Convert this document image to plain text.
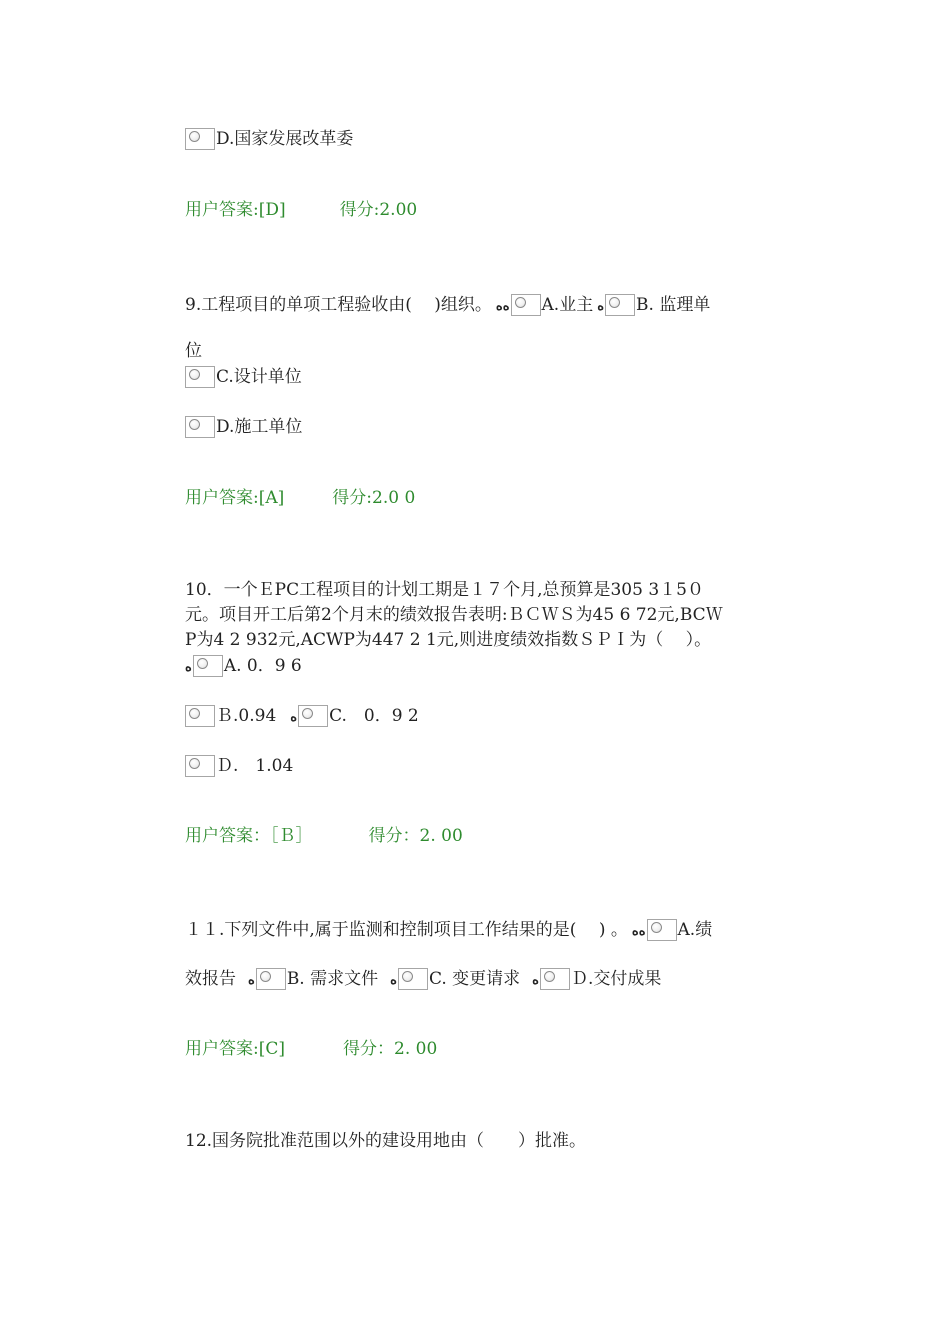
D.国家发展改革委
用户答案:[D]	得分:2.00
9.工程项目的单项工程验收由(　 )组织。 ﻩﻩ A.业主 ﻩ B. 监理单
位
C.设计单位
D.施工单位
用户答案:[A]	得分:2.0 0
10．一个ＥPC工程项目的计划工期是１７个月,总预算是305 3１5０
元。项目开工后第2个月末的绩效报告表明:ＢＣＷＳ为45 6 72元,BCＷ
P为4 2 932元,ACWP为447 2 1元,则进度绩效指数ＳＰＩ为（　 ）。
ﻩ A. 0．9 6
Ｂ.0.94 ﻩ C.　0．9 2
Ｄ.　1.04
用户答案：［Ｂ］	得分：2. 00
１１.下列文件中,属于监测和控制项目工作结果的是(　 ) 。 ﻩﻩ A.绩
效报告 ﻩ B. 需求文件 ﻩ C. 变更请求 ﻩ Ｄ.交付成果
用户答案:[C]	得分：2. 00
12.国务院批准范围以外的建设用地由（　　）批准。
